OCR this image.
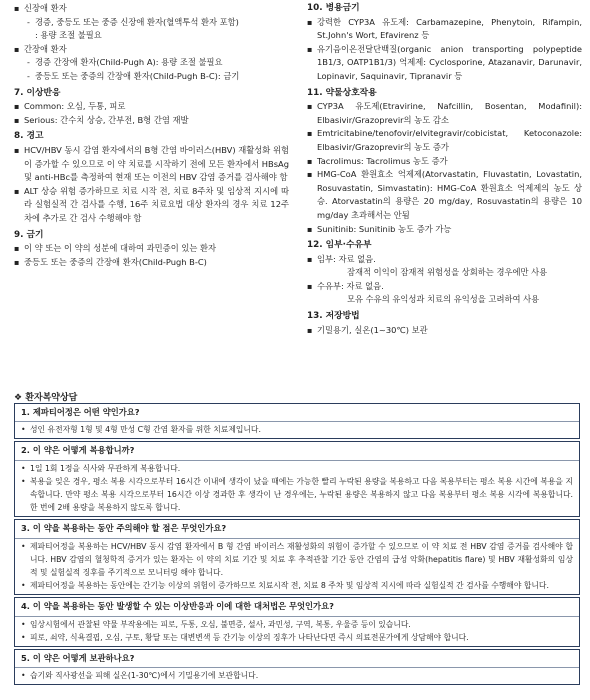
▪ 신장애 환자
- 경증, 중등도 또는 중증 신장애 환자(혈액투석 환자 포함)
: 용량 조절 불필요
▪ 간장애 환자
- 경증 간장애 환자(Child-Pugh A): 용량 조절 불필요
- 중등도 또는 중증의 간장애 환자(Child-Pugh B-C): 금기
7. 이상반응
▪ Common: 오심, 두통, 피로
▪ Serious: 간수치 상승, 간부전, B형 간염 재발
8. 경고
▪ HCV/HBV 동시 감염 환자에서의 B형 간염 바이러스(HBV) 재활성화 위험이 증가할 수 있으므로 이 약 치료를 시작하기 전에 모든 환자에서 HBsAg 및 anti-HBc를 측정하여 현재 또는 이전의 HBV 감염 증거를 검사해야 함
▪ ALT 상승 위험 증가하므로 치료 시작 전, 치료 8주차 및 임상적 지시에 따라 실험실적 간 검사를 수행, 16주 치료요법 대상 환자의 경우 치료 12주차에 추가로 간 검사 수행해야 함
9. 금기
▪ 이 약 또는 이 약의 성분에 대하여 과민증이 있는 환자
▪ 중등도 또는 중증의 간장애 환자(Child-Pugh B-C)
10. 병용금기
▪ 강력한 CYP3A 유도제: Carbamazepine, Phenytoin, Rifampin, St.John's Wort, Efavirenz 등
▪ 유기음이온전달단백질(organic anion transporting polypeptide 1B1/3, OATP1B1/3) 억제제: Cyclosporine, Atazanavir, Darunavir, Lopinavir, Saquinavir, Tipranavir 등
11. 약물상호작용
▪ CYP3A 유도제(Etravirine, Nafcillin, Bosentan, Modafinil): Elbasivir/Grazoprevir의 농도 감소
▪ Emtricitabine/tenofovir/elvitegravir/cobicistat, Ketoconazole: Elbasivir/Grazoprevir의 농도 증가
▪ Tacrolimus: Tacrolimus 농도 증가
▪ HMG-CoA 환원효소 억제제(Atorvastatin, Fluvastatin, Lovastatin, Rosuvastatin, Simvastatin): HMG-CoA 환원효소 억제제의 농도 상승. Atorvastatin의 용량은 20 mg/day, Rosuvastatin의 용량은 10 mg/day 초과해서는 안됨
▪ Sunitinib: Sunitinib 농도 증가 가능
12. 임부·수유부
▪ 임부: 자료 없음.
잠재적 이익이 잠재적 위험성을 상회하는 경우에만 사용
▪ 수유부: 자료 없음.
모유 수유의 유익성과 치료의 유익성을 고려하여 사용
13. 저장방법
▪ 기밀용기, 실온(1~30℃) 보관
❖ 환자복약상담
1. 제파티어정은 어떤 약인가요?
• 성인 유전자형 1형 및 4형 만성 C형 간염 환자를 위한 치료제입니다.
2. 이 약은 어떻게 복용합니까?
• 1일 1회 1정을 식사와 무관하게 복용합니다.
• 복용을 잊은 경우, 평소 복용 시각으로부터 16시간 이내에 생각이 났을 때에는 가능한 빨리 누락된 용량을 복용하고 다음 복용부터는 평소 복용 시간에 복용을 지속합니다. 만약 평소 복용 시각으로부터 16시간 이상 경과한 후 생각이 난 경우에는, 누락된 용량은 복용하지 않고 다음 복용부터 평소 복용 시각에 복용합니다. 한 번에 2배 용량을 복용하지 않도록 합니다.
3. 이 약을 복용하는 동안 주의해야 할 점은 무엇인가요?
• 제파티어정을 복용하는 HCV/HBV 동시 감염 환자에서 B 형 간염 바이러스 재활성화의 위험이 증가할 수 있으므로 이 약 치료 전 HBV 감염 증거를 검사해야 합니다. HBV 감염의 혈청학적 증거가 있는 환자는 이 약의 치료 기간 및 치료 후 추적관찰 기간 동안 간염의 급성 악화(hepatitis flare) 및 HBV 재활성화의 임상적 및 실험실적 징후를 주기적으로 모니터링 해야 합니다.
• 제파티어정을 복용하는 동안에는 간기능 이상의 위험이 증가하므로 치료시작 전, 치료 8 주차 및 임상적 지시에 따라 실험실적 간 검사를 수행해야 합니다.
4. 이 약을 복용하는 동안 발생할 수 있는 이상반응과 이에 대한 대처법은 무엇인가요?
• 임상시험에서 관찰된 약물 부작용에는 피로, 두통, 오심, 불면증, 설사, 과민성, 구역, 복통, 우울증 등이 있습니다.
• 피로, 쇠약, 식욕결핍, 오심, 구토, 황달 또는 대변변색 등 간기능 이상의 징후가 나타난다면 즉시 의료전문가에게 상담해야 합니다.
5. 이 약은 어떻게 보관하나요?
• 습기와 직사광선을 피해 실온(1-30℃)에서 기밀용기에 보관합니다.
